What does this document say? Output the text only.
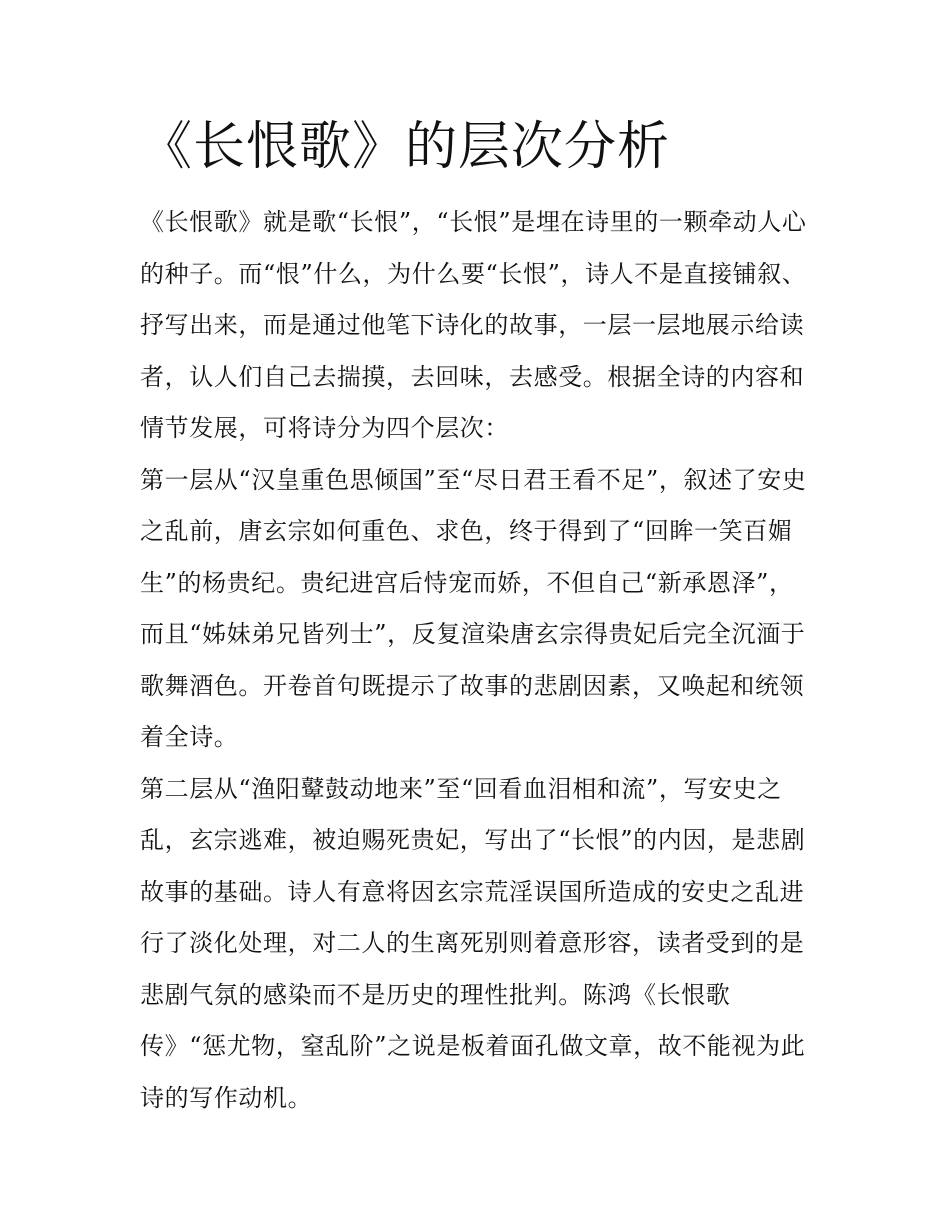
《长恨歌》的层次分析
《长恨歌》就是歌“长恨”，“长恨”是埋在诗里的一颗牵动人心
的种子。而“恨”什么，为什么要“长恨”，诗人不是直接铺叙、
抒写出来，而是通过他笔下诗化的故事，一层一层地展示给读
者，认人们自己去揣摸，去回味，去感受。根据全诗的内容和
情节发展，可将诗分为四个层次：
第一层从“汉皇重色思倾国”至“尽日君王看不足”，叙述了安史
之乱前，唐玄宗如何重色、求色，终于得到了“回眸一笑百媚
生”的杨贵纪。贵纪进宫后恃宠而娇，不但自己“新承恩泽”，
而且“姊妹弟兄皆列士”，反复渲染唐玄宗得贵妃后完全沉湎于
歌舞酒色。开卷首句既提示了故事的悲剧因素，又唤起和统领
着全诗。
第二层从“渔阳鼙鼓动地来”至“回看血泪相和流”，写安史之
乱，玄宗逃难，被迫赐死贵妃，写出了“长恨”的内因，是悲剧
故事的基础。诗人有意将因玄宗荒淫误国所造成的安史之乱进
行了淡化处理，对二人的生离死别则着意形容，读者受到的是
悲剧气氛的感染而不是历史的理性批判。陈鸿《长恨歌
传》“惩尤物，窒乱阶”之说是板着面孔做文章，故不能视为此
诗的写作动机。
